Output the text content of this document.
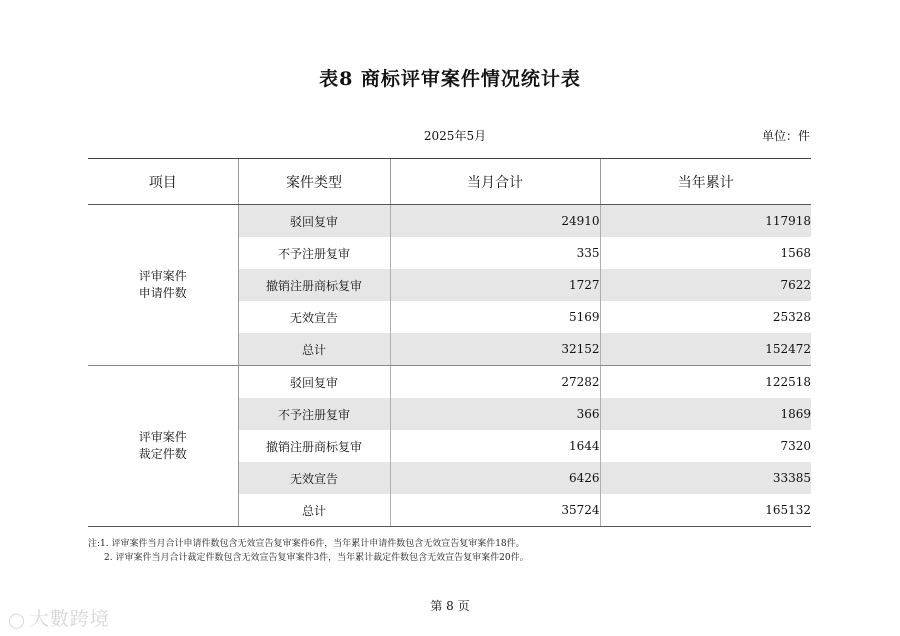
表8 商标评审案件情况统计表
2025年5月	单位：件
项目	案件类型	当月合计	当年累计

评审案件
申请件数	驳回复审	24910	117918
	不予注册复审	335	1568
	撤销注册商标复审	1727	7622
	无效宣告	5169	25328
	总计	32152	152472

评审案件
裁定件数	驳回复审	27282	122518
	不予注册复审	366	1869
	撤销注册商标复审	1644	7320
	无效宣告	6426	33385
	总计	35724	165132
注:1. 评审案件当月合计申请件数包含无效宣告复审案件6件，当年累计申请件数包含无效宣告复审案件18件。
2. 评审案件当月合计裁定件数包含无效宣告复审案件3件，当年累计裁定件数包含无效宣告复审案件20件。
第 8 页
◯ 大數跨境
